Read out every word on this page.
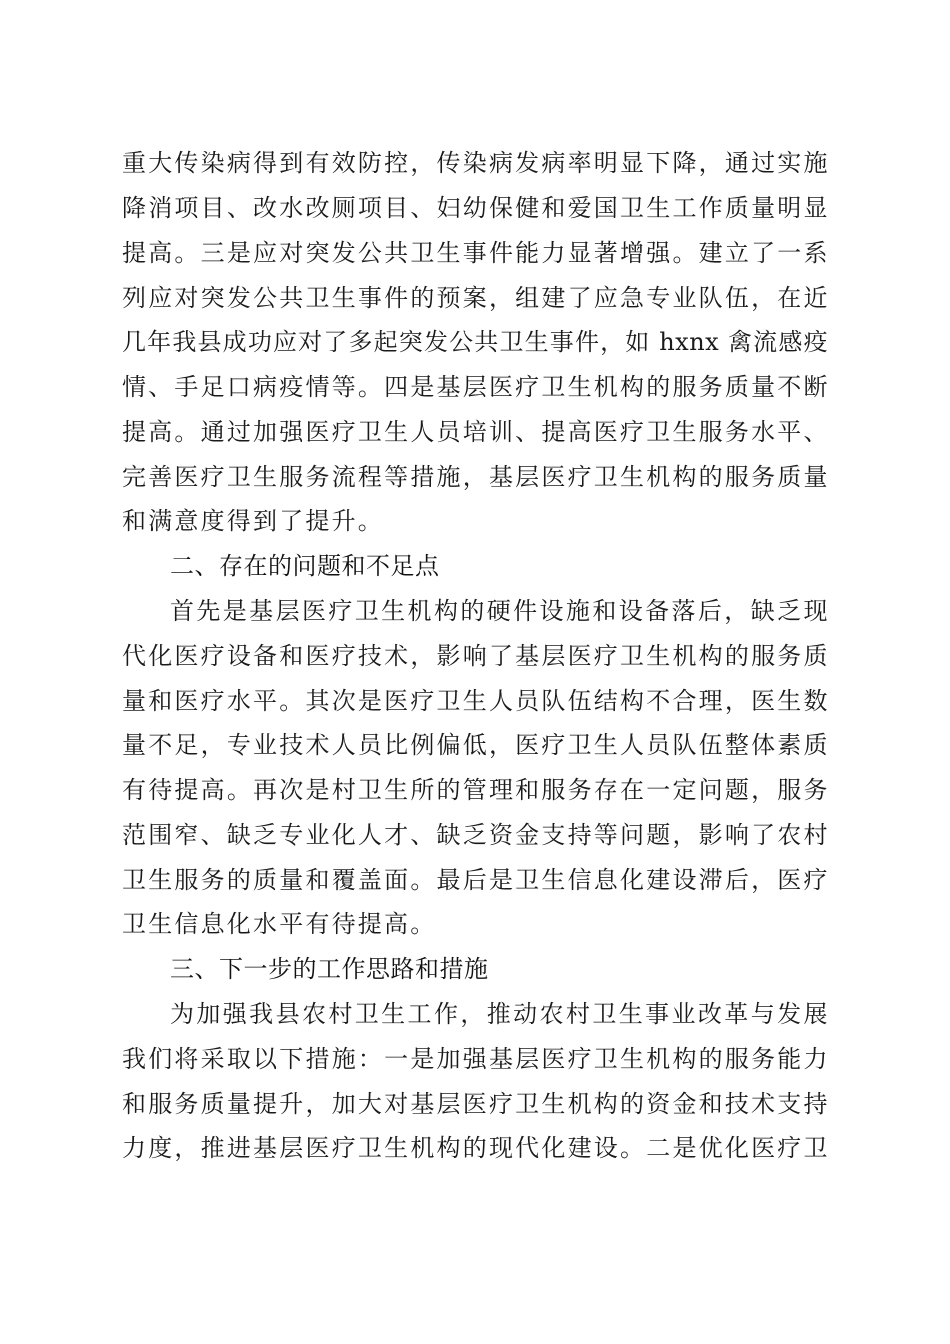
重大传染病得到有效防控，传染病发病率明显下降，通过实施
降消项目、改水改厕项目、妇幼保健和爱国卫生工作质量明显
提高。三是应对突发公共卫生事件能力显著增强。建立了一系
列应对突发公共卫生事件的预案，组建了应急专业队伍，在近
几年我县成功应对了多起突发公共卫生事件，如 hxnx 禽流感疫
情、手足口病疫情等。四是基层医疗卫生机构的服务质量不断
提高。通过加强医疗卫生人员培训、提高医疗卫生服务水平、
完善医疗卫生服务流程等措施，基层医疗卫生机构的服务质量
和满意度得到了提升。
二、存在的问题和不足点
首先是基层医疗卫生机构的硬件设施和设备落后，缺乏现
代化医疗设备和医疗技术，影响了基层医疗卫生机构的服务质
量和医疗水平。其次是医疗卫生人员队伍结构不合理，医生数
量不足，专业技术人员比例偏低，医疗卫生人员队伍整体素质
有待提高。再次是村卫生所的管理和服务存在一定问题，服务
范围窄、缺乏专业化人才、缺乏资金支持等问题，影响了农村
卫生服务的质量和覆盖面。最后是卫生信息化建设滞后，医疗
卫生信息化水平有待提高。
三、下一步的工作思路和措施
为加强我县农村卫生工作，推动农村卫生事业改革与发展
我们将采取以下措施：一是加强基层医疗卫生机构的服务能力
和服务质量提升，加大对基层医疗卫生机构的资金和技术支持
力度，推进基层医疗卫生机构的现代化建设。二是优化医疗卫
